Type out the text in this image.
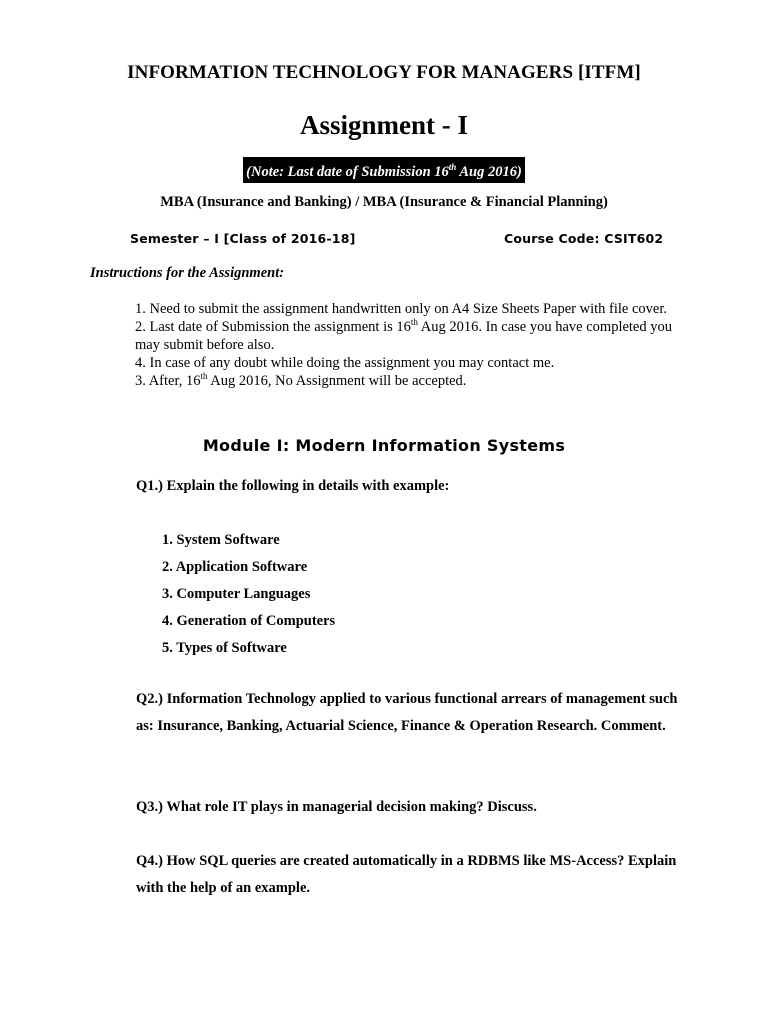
INFORMATION TECHNOLOGY FOR MANAGERS [ITFM]
Assignment - I
(Note: Last date of Submission 16th Aug 2016)
MBA (Insurance and Banking) / MBA (Insurance & Financial Planning)
Semester – I [Class of 2016-18]	Course Code: CSIT602
Instructions for the Assignment:
1. Need to submit the assignment handwritten only on A4 Size Sheets Paper with file cover.
2. Last date of Submission the assignment is 16th Aug 2016. In case you have completed you may submit before also.
4. In case of any doubt while doing the assignment you may contact me.
3. After, 16th Aug 2016, No Assignment will be accepted.
Module I: Modern Information Systems
Q1.) Explain the following in details with example:
1. System Software
2. Application Software
3. Computer Languages
4. Generation of Computers
5. Types of Software
Q2.) Information Technology applied to various functional arrears of management such as: Insurance, Banking, Actuarial Science, Finance & Operation Research. Comment.
Q3.) What role IT plays in managerial decision making? Discuss.
Q4.) How SQL queries are created automatically in a RDBMS like MS-Access? Explain with the help of an example.
